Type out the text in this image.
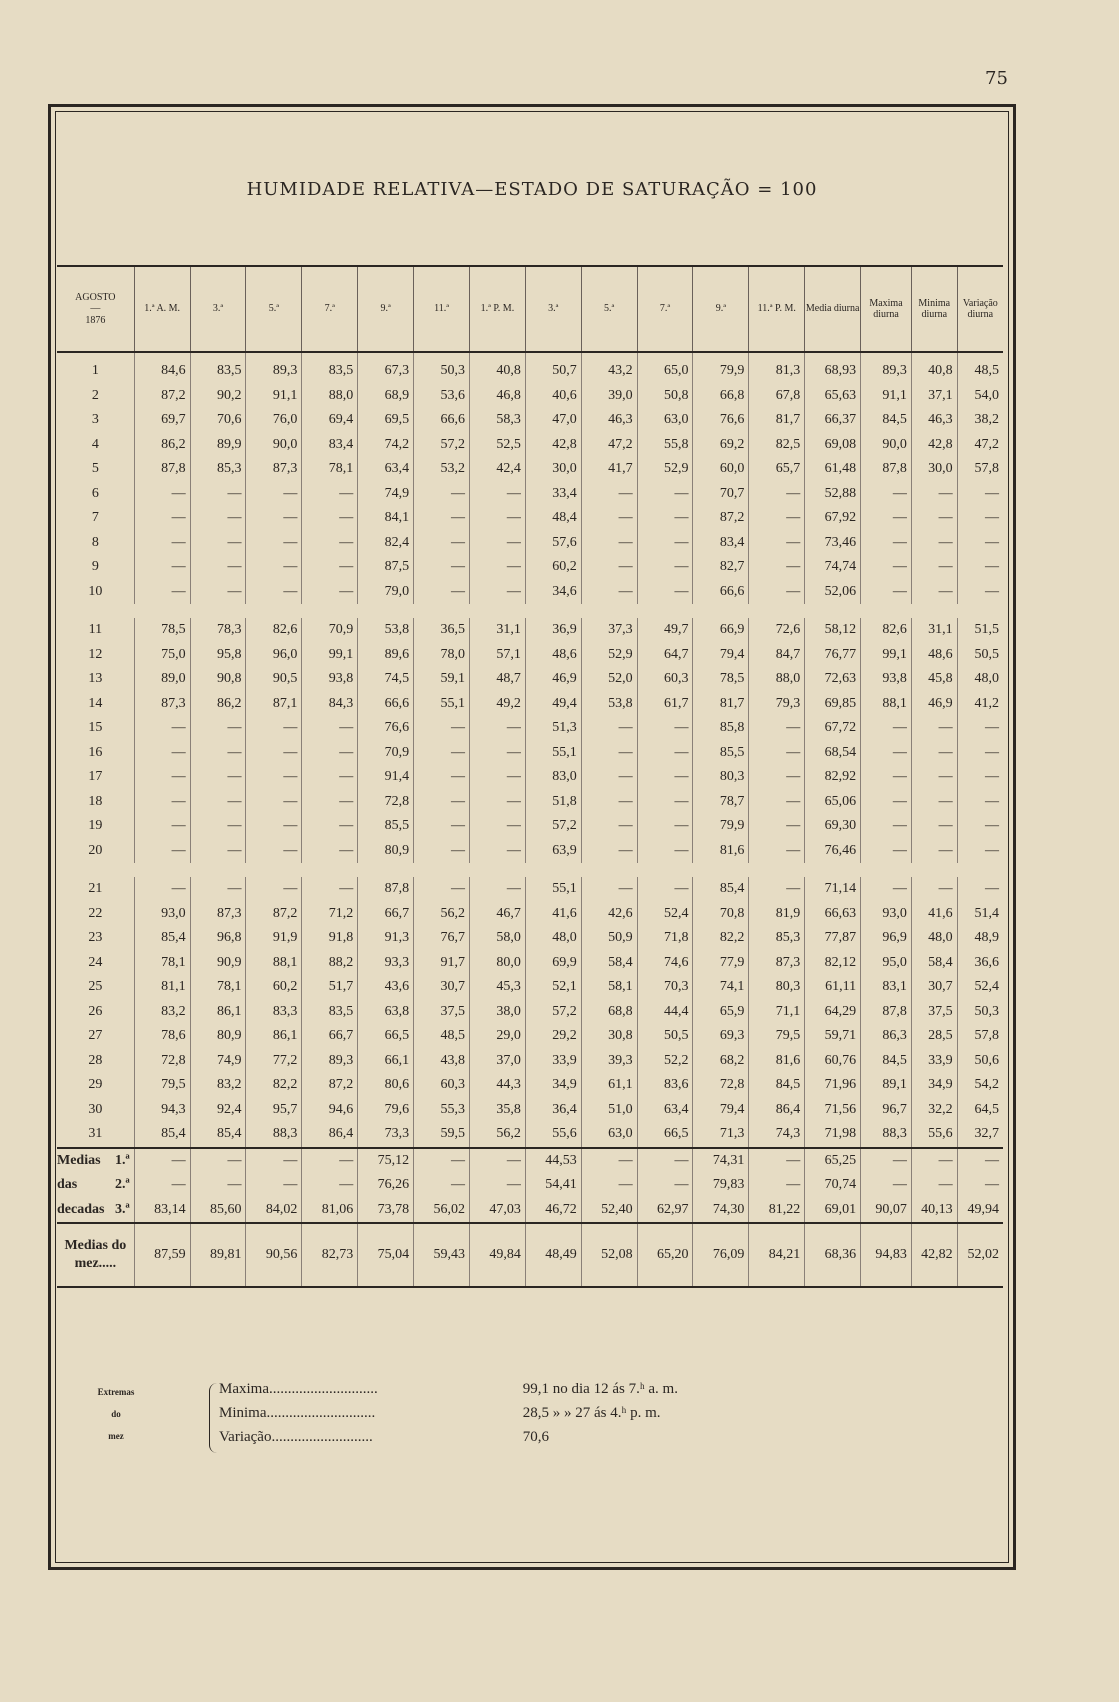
75
HUMIDADE RELATIVA—ESTADO DE SATURAÇÃO = 100
AGOSTO
—
1876	1.ª A. M.	3.ª	5.ª	7.ª	9.ª	11.ª	1.ª P. M.	3.ª	5.ª	7.ª	9.ª	11.ª P. M.	Media diurna	Maxima diurna	Minima diurna	Variação diurna
1	84,6	83,5	89,3	83,5	67,3	50,3	40,8	50,7	43,2	65,0	79,9	81,3	68,93	89,3	40,8	48,5
2	87,2	90,2	91,1	88,0	68,9	53,6	46,8	40,6	39,0	50,8	66,8	67,8	65,63	91,1	37,1	54,0
3	69,7	70,6	76,0	69,4	69,5	66,6	58,3	47,0	46,3	63,0	76,6	81,7	66,37	84,5	46,3	38,2
4	86,2	89,9	90,0	83,4	74,2	57,2	52,5	42,8	47,2	55,8	69,2	82,5	69,08	90,0	42,8	47,2
5	87,8	85,3	87,3	78,1	63,4	53,2	42,4	30,0	41,7	52,9	60,0	65,7	61,48	87,8	30,0	57,8
6	—	—	—	—	74,9	—	—	33,4	—	—	70,7	—	52,88	—	—	—
7	—	—	—	—	84,1	—	—	48,4	—	—	87,2	—	67,92	—	—	—
8	—	—	—	—	82,4	—	—	57,6	—	—	83,4	—	73,46	—	—	—
9	—	—	—	—	87,5	—	—	60,2	—	—	82,7	—	74,74	—	—	—
10	—	—	—	—	79,0	—	—	34,6	—	—	66,6	—	52,06	—	—	—

11	78,5	78,3	82,6	70,9	53,8	36,5	31,1	36,9	37,3	49,7	66,9	72,6	58,12	82,6	31,1	51,5
12	75,0	95,8	96,0	99,1	89,6	78,0	57,1	48,6	52,9	64,7	79,4	84,7	76,77	99,1	48,6	50,5
13	89,0	90,8	90,5	93,8	74,5	59,1	48,7	46,9	52,0	60,3	78,5	88,0	72,63	93,8	45,8	48,0
14	87,3	86,2	87,1	84,3	66,6	55,1	49,2	49,4	53,8	61,7	81,7	79,3	69,85	88,1	46,9	41,2
15	—	—	—	—	76,6	—	—	51,3	—	—	85,8	—	67,72	—	—	—
16	—	—	—	—	70,9	—	—	55,1	—	—	85,5	—	68,54	—	—	—
17	—	—	—	—	91,4	—	—	83,0	—	—	80,3	—	82,92	—	—	—
18	—	—	—	—	72,8	—	—	51,8	—	—	78,7	—	65,06	—	—	—
19	—	—	—	—	85,5	—	—	57,2	—	—	79,9	—	69,30	—	—	—
20	—	—	—	—	80,9	—	—	63,9	—	—	81,6	—	76,46	—	—	—

21	—	—	—	—	87,8	—	—	55,1	—	—	85,4	—	71,14	—	—	—
22	93,0	87,3	87,2	71,2	66,7	56,2	46,7	41,6	42,6	52,4	70,8	81,9	66,63	93,0	41,6	51,4
23	85,4	96,8	91,9	91,8	91,3	76,7	58,0	48,0	50,9	71,8	82,2	85,3	77,87	96,9	48,0	48,9
24	78,1	90,9	88,1	88,2	93,3	91,7	80,0	69,9	58,4	74,6	77,9	87,3	82,12	95,0	58,4	36,6
25	81,1	78,1	60,2	51,7	43,6	30,7	45,3	52,1	58,1	70,3	74,1	80,3	61,11	83,1	30,7	52,4
26	83,2	86,1	83,3	83,5	63,8	37,5	38,0	57,2	68,8	44,4	65,9	71,1	64,29	87,8	37,5	50,3
27	78,6	80,9	86,1	66,7	66,5	48,5	29,0	29,2	30,8	50,5	69,3	79,5	59,71	86,3	28,5	57,8
28	72,8	74,9	77,2	89,3	66,1	43,8	37,0	33,9	39,3	52,2	68,2	81,6	60,76	84,5	33,9	50,6
29	79,5	83,2	82,2	87,2	80,6	60,3	44,3	34,9	61,1	83,6	72,8	84,5	71,96	89,1	34,9	54,2
30	94,3	92,4	95,7	94,6	79,6	55,3	35,8	36,4	51,0	63,4	79,4	86,4	71,56	96,7	32,2	64,5
31	85,4	85,4	88,3	86,4	73,3	59,5	56,2	55,6	63,0	66,5	71,3	74,3	71,98	88,3	55,6	32,7

Medias 1.ª	—	—	—	—	75,12	—	—	44,53	—	—	74,31	—	65,25	—	—	—

das 2.ª	—	—	—	—	76,26	—	—	54,41	—	—	79,83	—	70,74	—	—	—

decadas 3.ª	83,14	85,60	84,02	81,06	73,78	56,02	47,03	46,72	52,40	62,97	74,30	81,22	69,01	90,07	40,13	49,94
Medias do mez.....	87,59	89,81	90,56	82,73	75,04	59,43	49,84	48,49	52,08	65,20	76,09	84,21	68,36	94,83	42,82	52,02
Extremas
do
mez
Maxima.............................	99,1 no dia 12 ás 7.ʰ a. m.
Minima.............................	28,5 » » 27 ás 4.ʰ p. m.
Variação...........................	70,6
